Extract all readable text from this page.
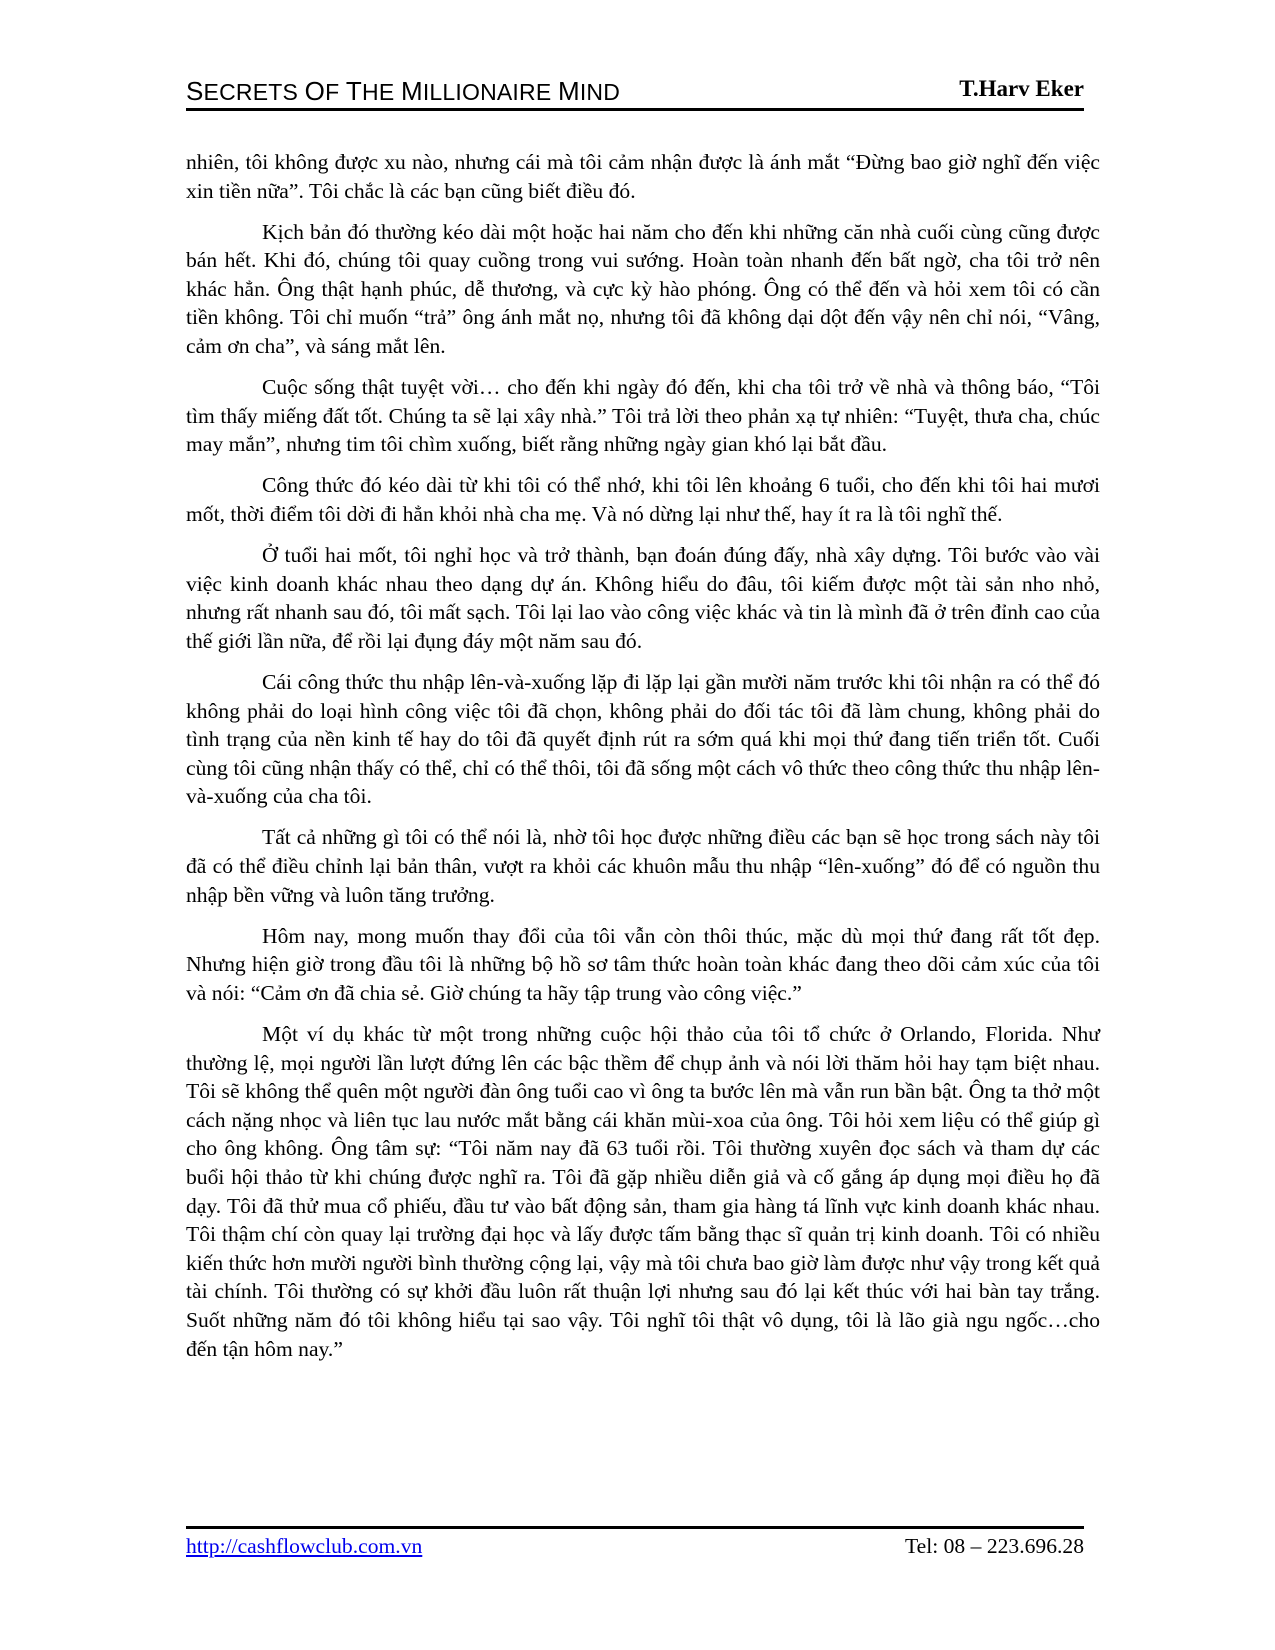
SECRETS OF THE MILLIONAIRE MIND	T.Harv Eker

nhiên, tôi không được xu nào, nhưng cái mà tôi cảm nhận được là ánh mắt “Đừng bao giờ nghĩ đến việc xin tiền nữa”. Tôi chắc là các bạn cũng biết điều đó.

Kịch bản đó thường kéo dài một hoặc hai năm cho đến khi những căn nhà cuối cùng cũng được bán hết. Khi đó, chúng tôi quay cuồng trong vui sướng. Hoàn toàn nhanh đến bất ngờ, cha tôi trở nên khác hẳn. Ông thật hạnh phúc, dễ thương, và cực kỳ hào phóng. Ông có thể đến và hỏi xem tôi có cần tiền không. Tôi chỉ muốn “trả” ông ánh mắt nọ, nhưng tôi đã không dại dột đến vậy nên chỉ nói, “Vâng, cảm ơn cha”, và sáng mắt lên.

Cuộc sống thật tuyệt vời… cho đến khi ngày đó đến, khi cha tôi trở về nhà và thông báo, “Tôi tìm thấy miếng đất tốt. Chúng ta sẽ lại xây nhà.” Tôi trả lời theo phản xạ tự nhiên: “Tuyệt, thưa cha, chúc may mắn”, nhưng tim tôi chìm xuống, biết rằng những ngày gian khó lại bắt đầu.

Công thức đó kéo dài từ khi tôi có thể nhớ, khi tôi lên khoảng 6 tuổi, cho đến khi tôi hai mươi mốt, thời điểm tôi dời đi hẳn khỏi nhà cha mẹ. Và nó dừng lại như thế, hay ít ra là tôi nghĩ thế.

Ở tuổi hai mốt, tôi nghỉ học và trở thành, bạn đoán đúng đấy, nhà xây dựng. Tôi bước vào vài việc kinh doanh khác nhau theo dạng dự án. Không hiểu do đâu, tôi kiếm được một tài sản nho nhỏ, nhưng rất nhanh sau đó, tôi mất sạch. Tôi lại lao vào công việc khác và tin là mình đã ở trên đỉnh cao của thế giới lần nữa, để rồi lại đụng đáy một năm sau đó.

Cái công thức thu nhập lên-và-xuống lặp đi lặp lại gần mười năm trước khi tôi nhận ra có thể đó không phải do loại hình công việc tôi đã chọn, không phải do đối tác tôi đã làm chung, không phải do tình trạng của nền kinh tế hay do tôi đã quyết định rút ra sớm quá khi mọi thứ đang tiến triển tốt. Cuối cùng tôi cũng nhận thấy có thể, chỉ có thể thôi, tôi đã sống một cách vô thức theo công thức thu nhập lên-và-xuống của cha tôi.

Tất cả những gì tôi có thể nói là, nhờ tôi học được những điều các bạn sẽ học trong sách này tôi đã có thể điều chỉnh lại bản thân, vượt ra khỏi các khuôn mẫu thu nhập “lên-xuống” đó để có nguồn thu nhập bền vững và luôn tăng trưởng.

Hôm nay, mong muốn thay đổi của tôi vẫn còn thôi thúc, mặc dù mọi thứ đang rất tốt đẹp. Nhưng hiện giờ trong đầu tôi là những bộ hồ sơ tâm thức hoàn toàn khác đang theo dõi cảm xúc của tôi và nói: “Cảm ơn đã chia sẻ. Giờ chúng ta hãy tập trung vào công việc.”

Một ví dụ khác từ một trong những cuộc hội thảo của tôi tổ chức ở Orlando, Florida. Như thường lệ, mọi người lần lượt đứng lên các bậc thềm để chụp ảnh và nói lời thăm hỏi hay tạm biệt nhau. Tôi sẽ không thể quên một người đàn ông tuổi cao vì ông ta bước lên mà vẫn run bần bật. Ông ta thở một cách nặng nhọc và liên tục lau nước mắt bằng cái khăn mùi-xoa của ông. Tôi hỏi xem liệu có thể giúp gì cho ông không. Ông tâm sự: “Tôi năm nay đã 63 tuổi rồi. Tôi thường xuyên đọc sách và tham dự các buổi hội thảo từ khi chúng được nghĩ ra. Tôi đã gặp nhiều diễn giả và cố gắng áp dụng mọi điều họ đã dạy. Tôi đã thử mua cổ phiếu, đầu tư vào bất động sản, tham gia hàng tá lĩnh vực kinh doanh khác nhau. Tôi thậm chí còn quay lại trường đại học và lấy được tấm bằng thạc sĩ quản trị kinh doanh. Tôi có nhiều kiến thức hơn mười người bình thường cộng lại, vậy mà tôi chưa bao giờ làm được như vậy trong kết quả tài chính. Tôi thường có sự khởi đầu luôn rất thuận lợi nhưng sau đó lại kết thúc với hai bàn tay trắng. Suốt những năm đó tôi không hiểu tại sao vậy. Tôi nghĩ tôi thật vô dụng, tôi là lão già ngu ngốc…cho đến tận hôm nay.”

http://cashflowclub.com.vn	Tel: 08 – 223.696.28
